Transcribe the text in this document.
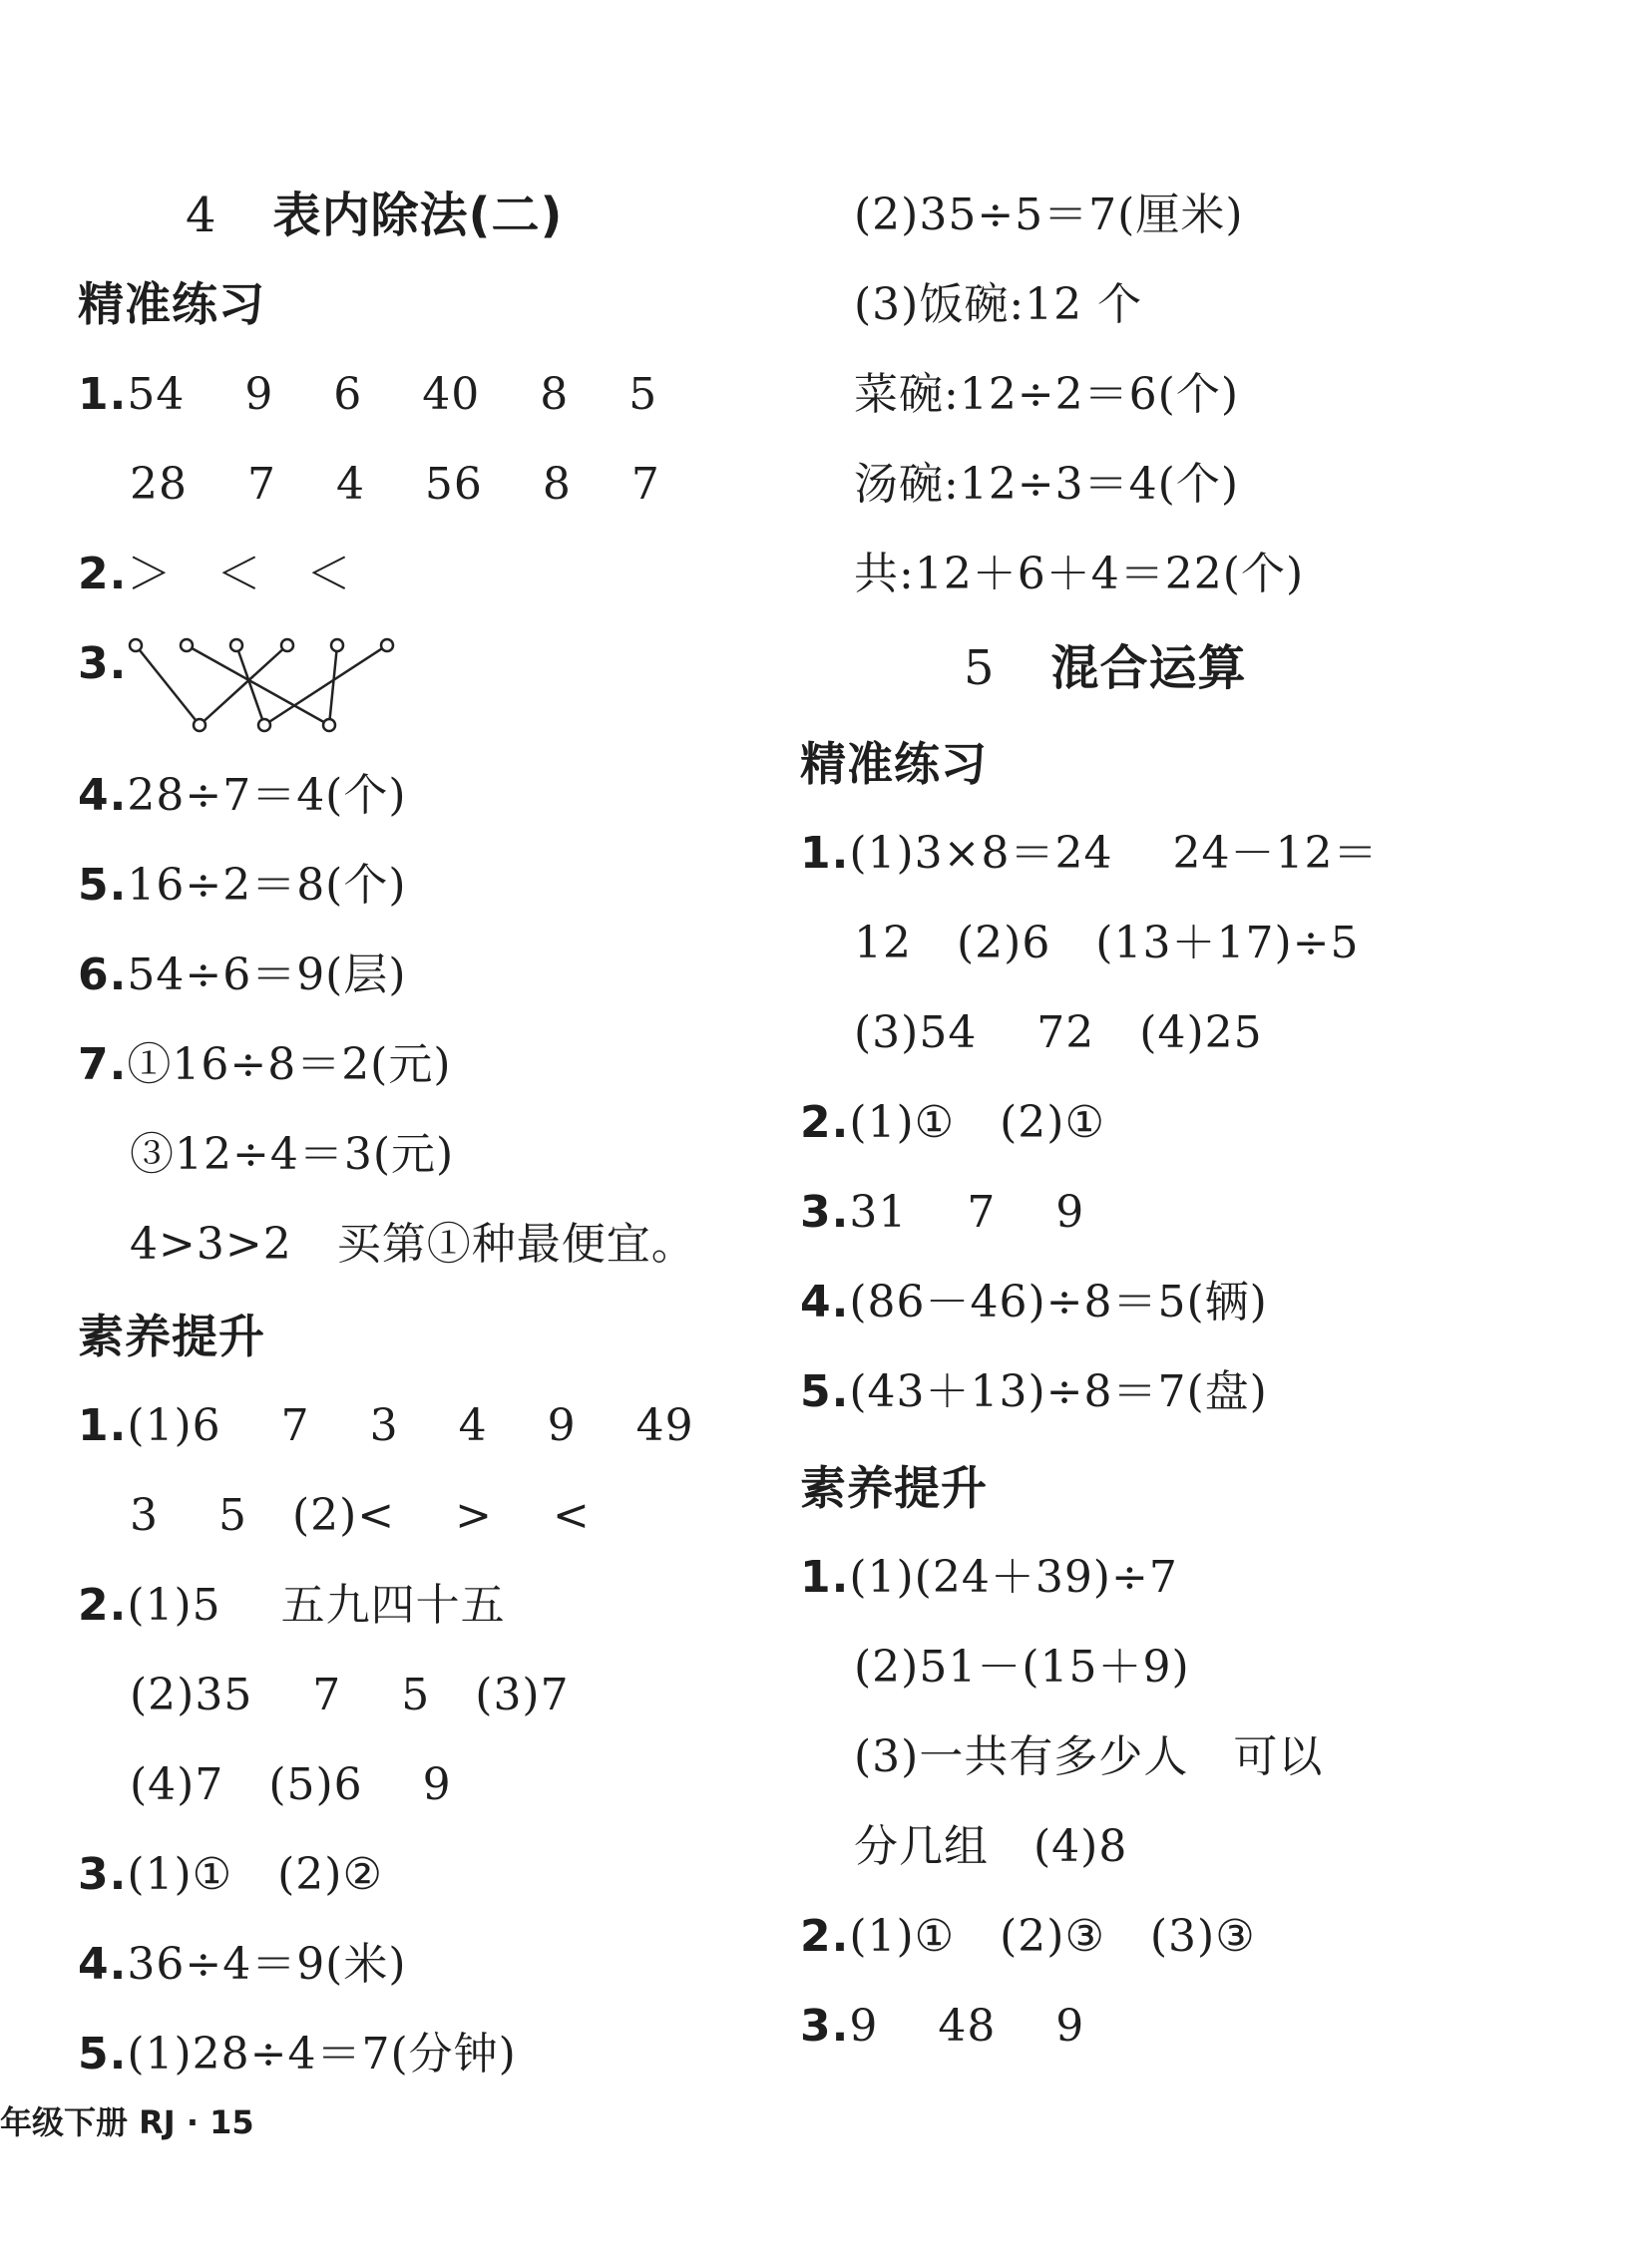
4 表内除法(二)
精准练习
1.54　 9　 6　 40　 8　 5
28　 7　 4　 56　 8　 7
2.＞　＜　＜
3.
4.28÷7＝4(个)
5.16÷2＝8(个)
6.54÷6＝9(层)
7.①16÷8＝2(元)
③12÷4＝3(元)
4>3>2　买第①种最便宜。
素养提升
1.(1)6　 7　 3　 4　 9　 49
3　 5　(2)<　 >　 <
2.(1)5　 五九四十五
(2)35　 7　 5　(3)7
(4)7　(5)6　 9
3.(1)①　(2)②
4.36÷4＝9(米)
5.(1)28÷4＝7(分钟)
(2)35÷5＝7(厘米)
(3)饭碗:12 个
菜碗:12÷2＝6(个)
汤碗:12÷3＝4(个)
共:12＋6＋4＝22(个)
5 混合运算
精准练习
1.(1)3×8＝24　 24－12＝
12　(2)6　(13＋17)÷5
(3)54　 72　(4)25
2.(1)①　(2)①
3.31　 7　 9
4.(86－46)÷8＝5(辆)
5.(43＋13)÷8＝7(盘)
素养提升
1.(1)(24＋39)÷7
(2)51－(15＋9)
(3)一共有多少人　可以
分几组　(4)8
2.(1)①　(2)③　(3)③
3.9　 48　 9
年级下册 RJ · 15
